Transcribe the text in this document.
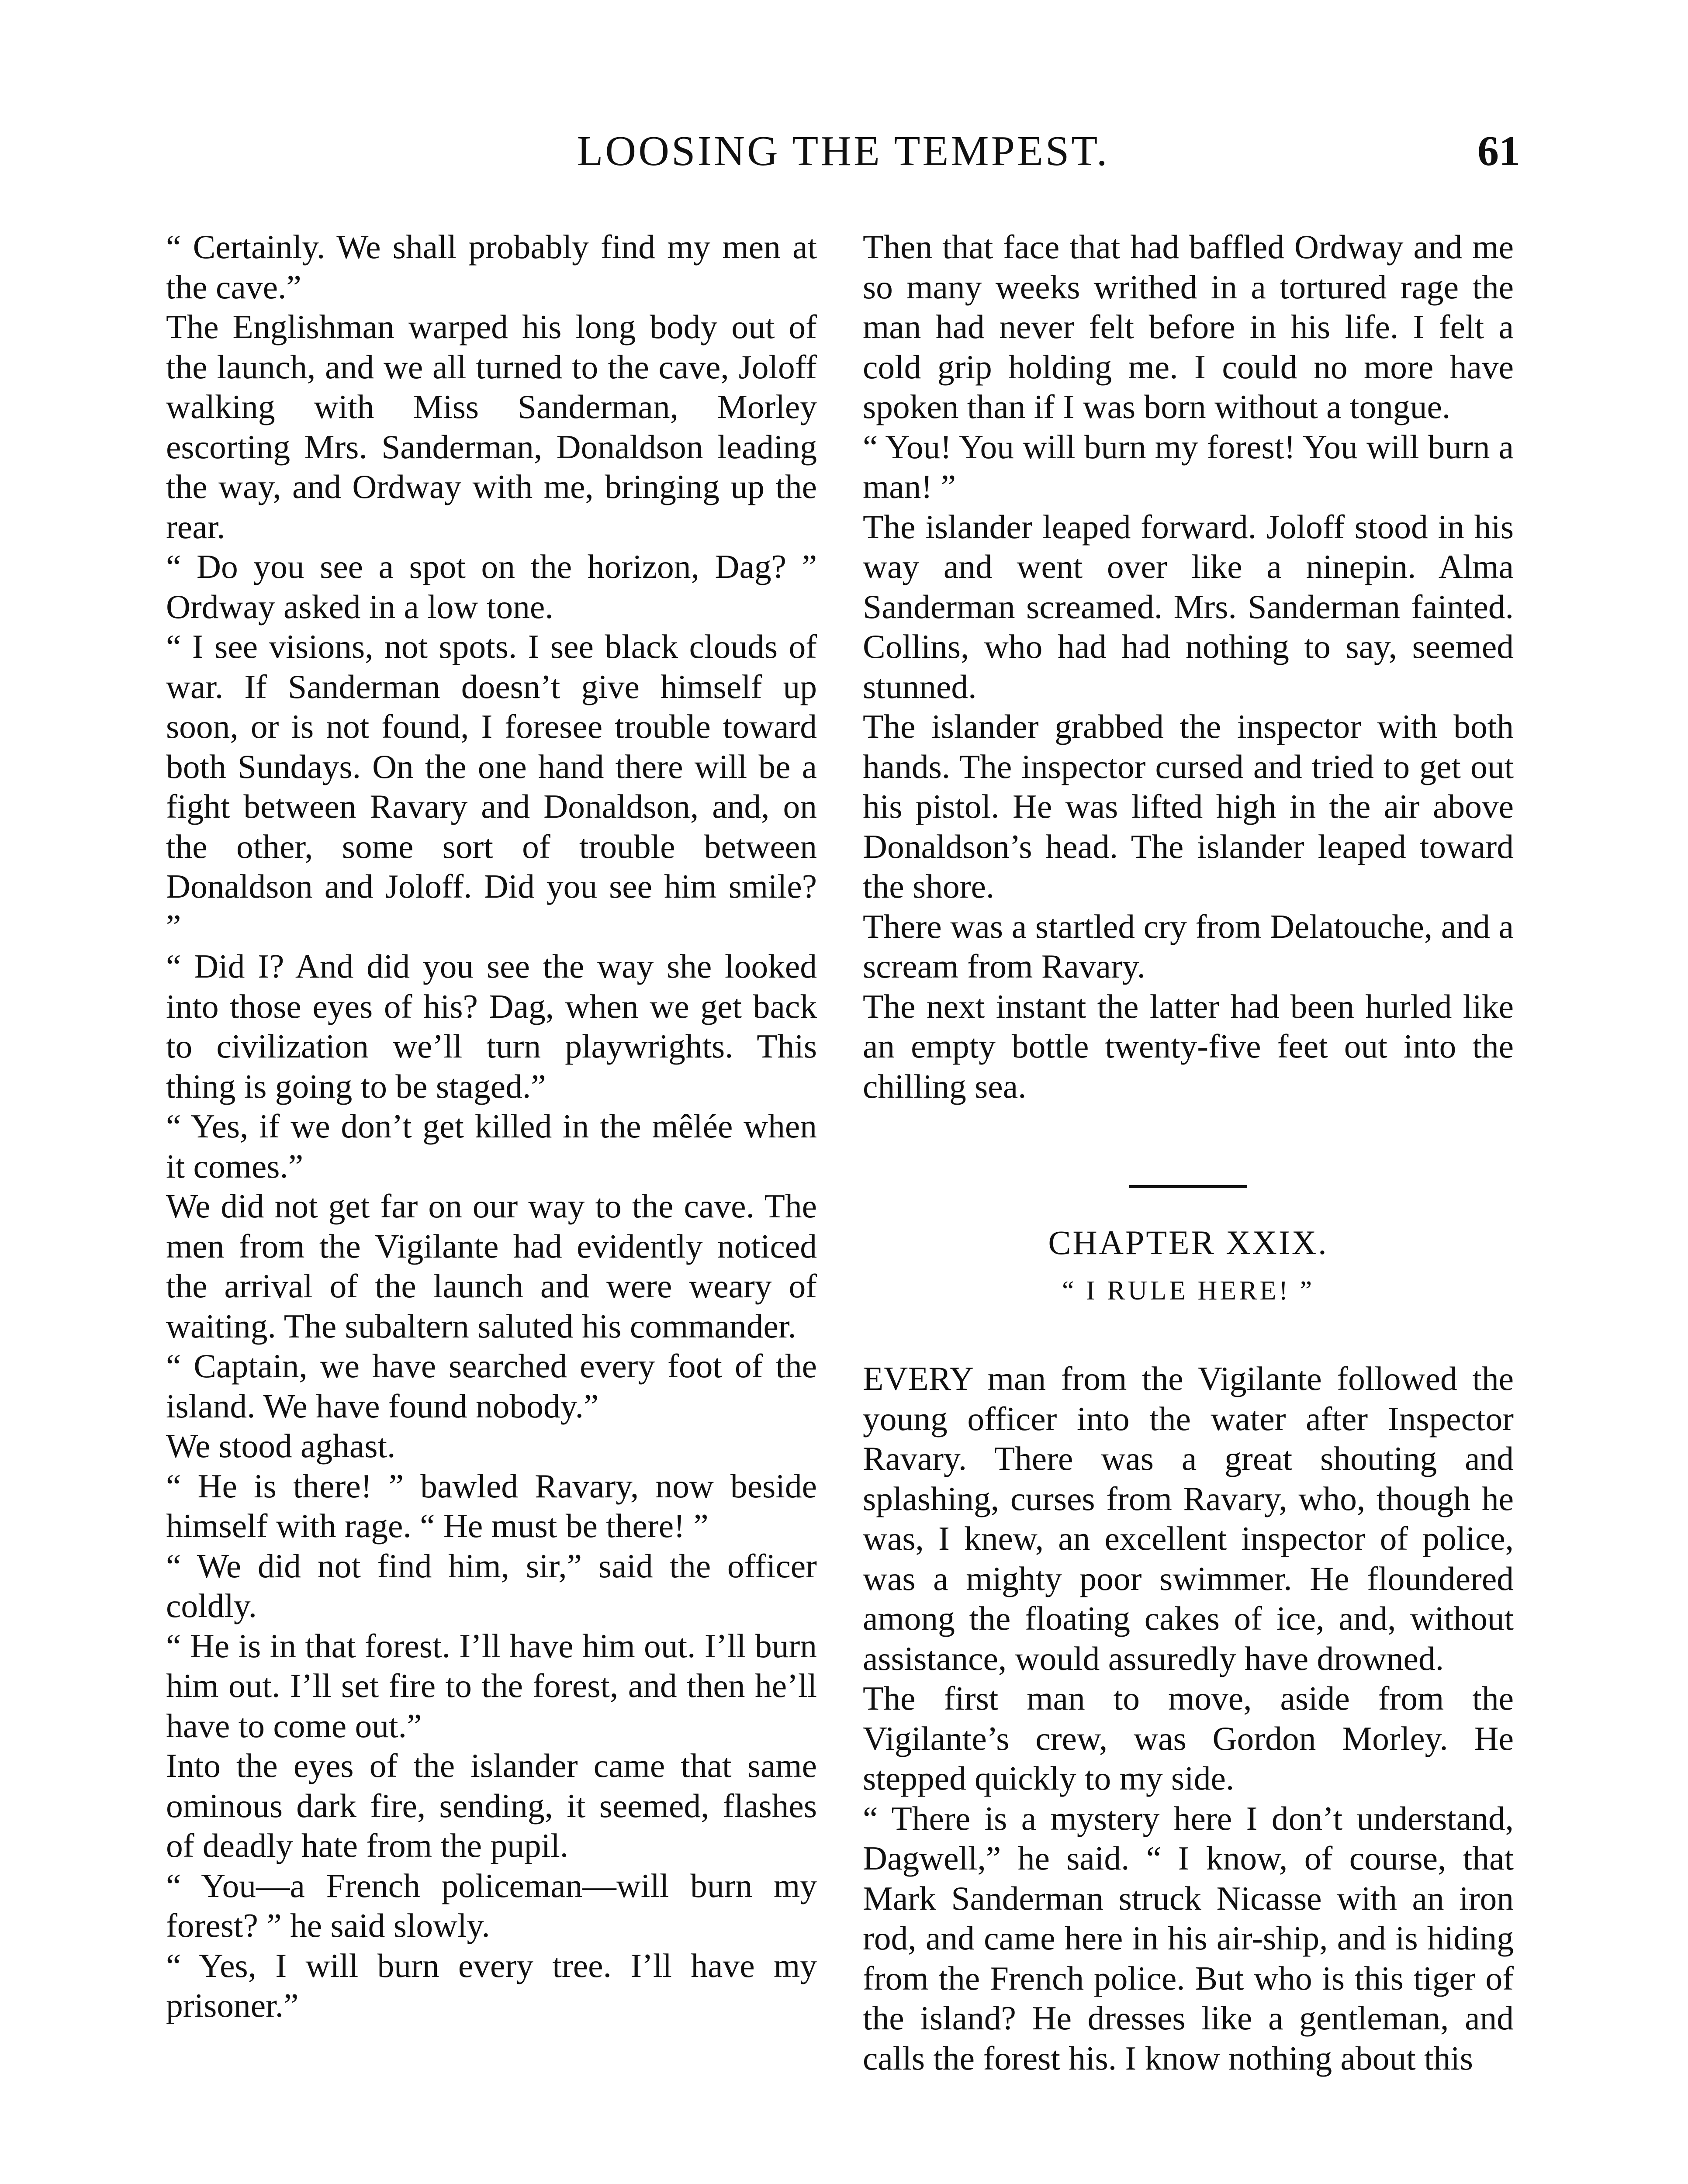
LOOSING THE TEMPEST.	61

“ Certainly. We shall probably find my men at the cave.”

The Englishman warped his long body out of the launch, and we all turned to the cave, Joloff walking with Miss Sanderman, Morley escorting Mrs. Sanderman, Donaldson leading the way, and Ordway with me, bringing up the rear.

“ Do you see a spot on the horizon, Dag? ” Ordway asked in a low tone.

“ I see visions, not spots. I see black clouds of war. If Sanderman doesn’t give himself up soon, or is not found, I foresee trouble toward both Sundays. On the one hand there will be a fight between Ravary and Donaldson, and, on the other, some sort of trouble between Donaldson and Joloff. Did you see him smile? ”

“ Did I? And did you see the way she looked into those eyes of his? Dag, when we get back to civilization we’ll turn playwrights. This thing is going to be staged.”

“ Yes, if we don’t get killed in the mêlée when it comes.”

We did not get far on our way to the cave. The men from the Vigilante had evidently noticed the arrival of the launch and were weary of waiting. The subaltern saluted his commander.

“ Captain, we have searched every foot of the island. We have found nobody.”

We stood aghast.

“ He is there! ” bawled Ravary, now beside himself with rage. “ He must be there! ”

“ We did not find him, sir,” said the officer coldly.

“ He is in that forest. I’ll have him out. I’ll burn him out. I’ll set fire to the forest, and then he’ll have to come out.”

Into the eyes of the islander came that same ominous dark fire, sending, it seemed, flashes of deadly hate from the pupil.

“ You—a French policeman—will burn my forest? ” he said slowly.

“ Yes, I will burn every tree. I’ll have my prisoner.”

Then that face that had baffled Ordway and me so many weeks writhed in a tortured rage the man had never felt before in his life. I felt a cold grip holding me. I could no more have spoken than if I was born without a tongue.

“ You! You will burn my forest! You will burn a man! ”

The islander leaped forward. Joloff stood in his way and went over like a ninepin. Alma Sanderman screamed. Mrs. Sanderman fainted. Collins, who had had nothing to say, seemed stunned.

The islander grabbed the inspector with both hands. The inspector cursed and tried to get out his pistol. He was lifted high in the air above Donaldson’s head. The islander leaped toward the shore.

There was a startled cry from Delatouche, and a scream from Ravary.

The next instant the latter had been hurled like an empty bottle twenty-five feet out into the chilling sea.

CHAPTER XXIX.
“ I RULE HERE! ”

EVERY man from the Vigilante followed the young officer into the water after Inspector Ravary. There was a great shouting and splashing, curses from Ravary, who, though he was, I knew, an excellent inspector of police, was a mighty poor swimmer. He floundered among the floating cakes of ice, and, without assistance, would assuredly have drowned.

The first man to move, aside from the Vigilante’s crew, was Gordon Morley. He stepped quickly to my side.

“ There is a mystery here I don’t understand, Dagwell,” he said. “ I know, of course, that Mark Sanderman struck Nicasse with an iron rod, and came here in his air-ship, and is hiding from the French police. But who is this tiger of the island? He dresses like a gentleman, and calls the forest his. I know nothing about this
